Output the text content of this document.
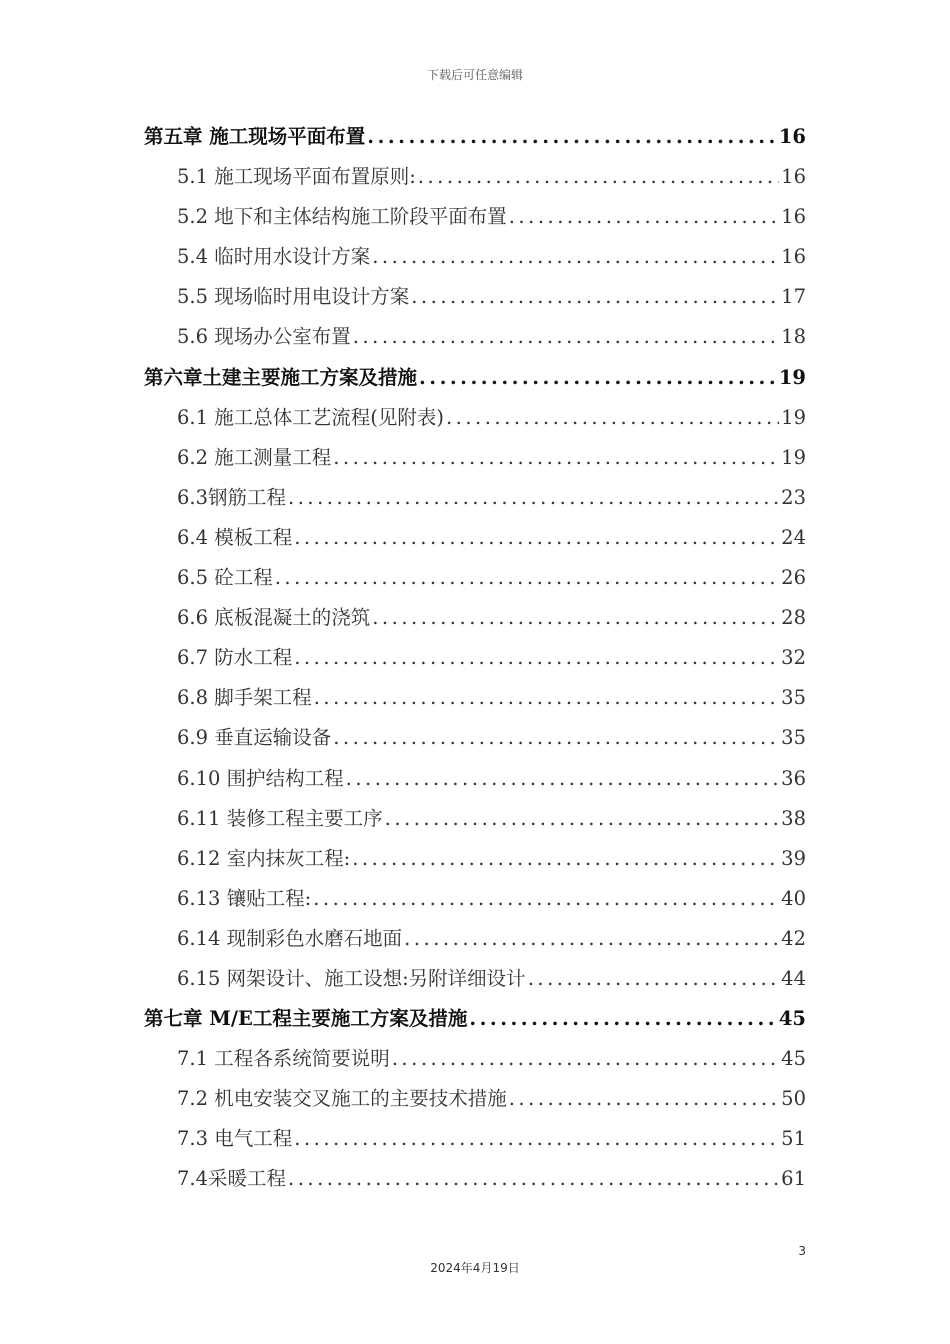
下载后可任意编辑
第五章 施工现场平面布置 .....	16
5.1 施工现场平面布置原则: .....	16
5.2 地下和主体结构施工阶段平面布置 .....	16
5.4 临时用水设计方案 .....	16
5.5 现场临时用电设计方案 .....	17
5.6 现场办公室布置 .....	18
第六章土建主要施工方案及措施 .....	19
6.1 施工总体工艺流程(见附表) .....	19
6.2 施工测量工程 .....	19
6.3钢筋工程 .....	23
6.4 模板工程 .....	24
6.5 砼工程 .....	26
6.6 底板混凝土的浇筑 .....	28
6.7 防水工程 .....	32
6.8 脚手架工程 .....	35
6.9 垂直运输设备 .....	35
6.10 围护结构工程 .....	36
6.11 装修工程主要工序 .....	38
6.12 室内抹灰工程: .....	39
6.13 镶贴工程: .....	40
6.14 现制彩色水磨石地面 .....	42
6.15 网架设计、施工设想:另附详细设计 .....	44
第七章 M/E工程主要施工方案及措施 .....	45
7.1 工程各系统简要说明 .....	45
7.2 机电安装交叉施工的主要技术措施 .....	50
7.3 电气工程 .....	51
7.4采暖工程 .....	61
3
2024年4月19日
